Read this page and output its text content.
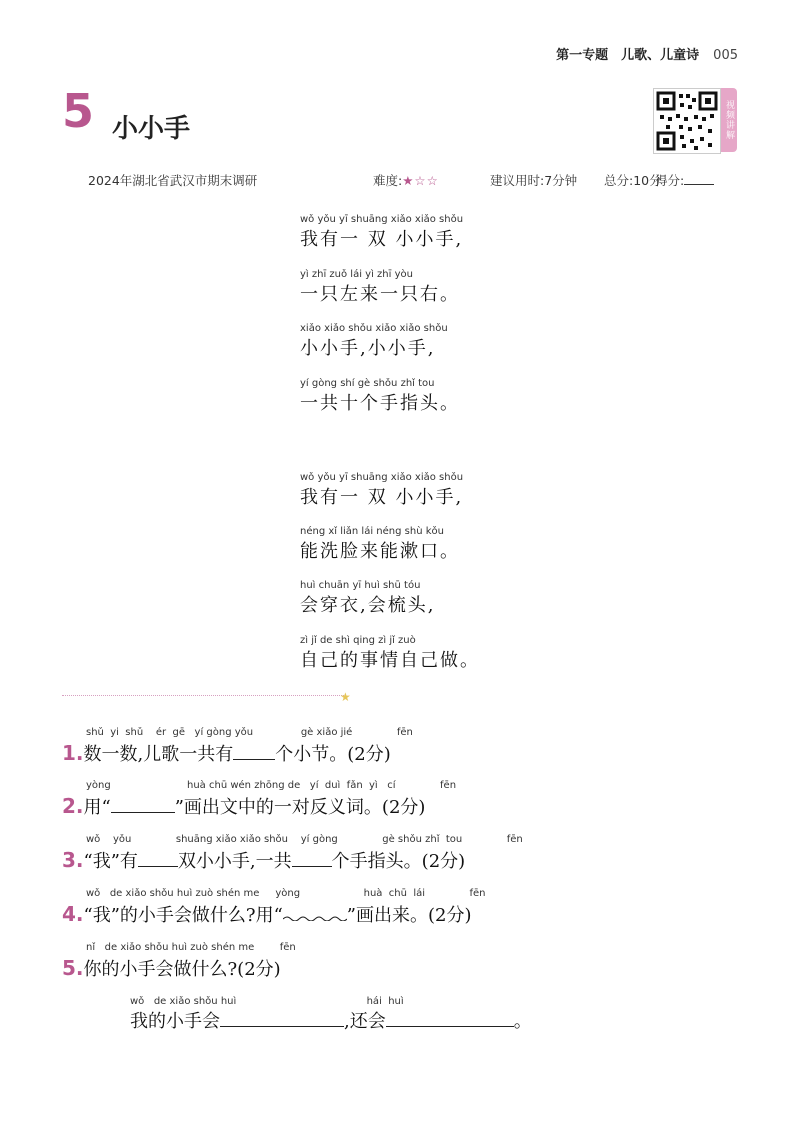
第一专题　儿歌、儿童诗 005
5 小小手	视频讲解
2024年湖北省武汉市期末调研	难度:★☆☆	建议用时:7分钟 总分:10分
得分:
wǒ yǒu yī shuāng xiǎo xiǎo shǒu
我有一 双 小小手,
yì zhī zuǒ lái yì zhī yòu
一只左来一只右。
xiǎo xiǎo shǒu xiǎo xiǎo shǒu
小小手,小小手,
yí gòng shí gè shǒu zhǐ tou
一共十个手指头。
wǒ yǒu yī shuāng xiǎo xiǎo shǒu
我有一 双 小小手,
néng xǐ liǎn lái néng shù kǒu
能洗脸来能漱口。
huì chuān yī huì shū tóu
会穿衣,会梳头,
zì jǐ de shì qing zì jǐ zuò
自己的事情自己做。
★
shǔ  yi  shǔ    ér  gē   yí gòng yǒu               gè xiǎo jié              fēn
1.数一数,儿歌一共有 个小节。(2分)
yòng                        huà chū wén zhōng de   yí  duì  fǎn  yì   cí              fēn
2.用“	”画出文中的一对反义词。(2分)
wǒ    yǒu              shuāng xiǎo xiǎo shǒu    yí gòng              gè shǒu zhǐ  tou              fēn
3.“我”有 双小小手,一共 个手指头。(2分)
wǒ   de xiǎo shǒu huì zuò shén me     yòng                    huà  chū  lái              fēn
4.“我”的小手会做什么?用“	”画出来。(2分)
nǐ   de xiǎo shǒu huì zuò shén me        fēn
5.你的小手会做什么?(2分)
wǒ   de xiǎo shǒu huì                                         hái  huì
我的小手会	,还会	。
